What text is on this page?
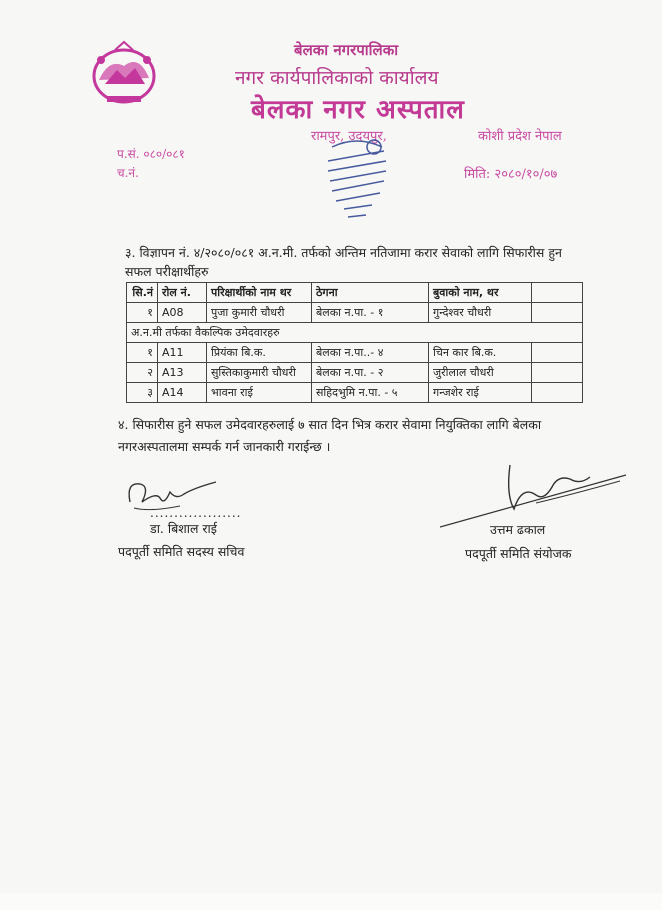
बेलका नगरपालिका
नगर कार्यपालिकाको कार्यालय
बेलका नगर अस्पताल
रामपुर, उदयपुर,	कोशी प्रदेश नेपाल
प.सं. ०८०/०८१
च.नं.	मिति: २०८०/१०/०७
३. विज्ञापन नं. ४/२०८०/०८१ अ.न.मी. तर्फको अन्तिम नतिजामा करार सेवाको लागि सिफारीस हुन सफल परीक्षार्थीहरु
सि.नं	रोल नं.	परिक्षार्थीको नाम थर	ठेगना	बुवाको नाम, थर	
१	A08	पुजा कुमारी चौधरी	बेलका न.पा. - १	गुन्देश्वर चौधरी	
अ.न.मी तर्फका वैकल्पिक उमेदवारहरु					
१	A11	प्रियंका बि.क.	बेलका न.पा..- ४	चिन कार बि.क.	
२	A13	सुस्तिकाकुमारी चौधरी	बेलका न.पा. - २	जुरीलाल चौधरी	
३	A14	भावना राई	सहिदभुमि न.पा. - ५	गन्जशेर राई	
४. सिफारीस हुने सफल उमेदवारहरुलाई ७ सात दिन भित्र करार सेवामा नियुक्तिका लागि बेलका नगरअस्पतालमा सम्पर्क गर्न जानकारी गराईन्छ ।
...................
डा. बिशाल राई
पदपूर्ती समिति सदस्य सचिव
उत्तम ढकाल
पदपूर्ती समिति संयोजक
